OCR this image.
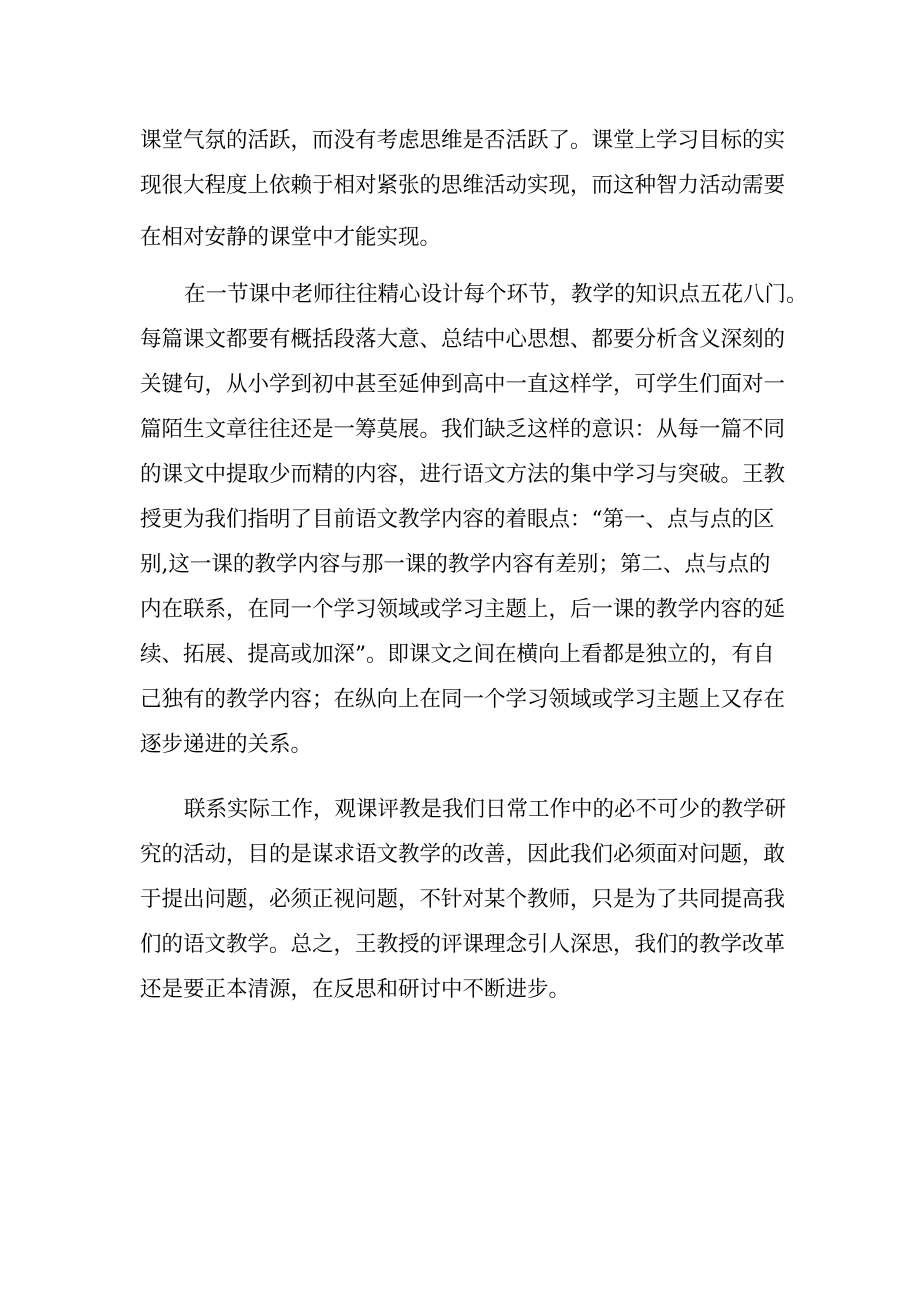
课堂气氛的活跃，而没有考虑思维是否活跃了。课堂上学习目标的实
现很大程度上依赖于相对紧张的思维活动实现，而这种智力活动需要
在相对安静的课堂中才能实现。
在一节课中老师往往精心设计每个环节，教学的知识点五花八门。
每篇课文都要有概括段落大意、总结中心思想、都要分析含义深刻的
关键句，从小学到初中甚至延伸到高中一直这样学，可学生们面对一
篇陌生文章往往还是一筹莫展。我们缺乏这样的意识：从每一篇不同
的课文中提取少而精的内容，进行语文方法的集中学习与突破。王教
授更为我们指明了目前语文教学内容的着眼点：“第一、点与点的区
别,这一课的教学内容与那一课的教学内容有差别；第二、点与点的
内在联系，在同一个学习领域或学习主题上，后一课的教学内容的延
续、拓展、提高或加深”。即课文之间在横向上看都是独立的，有自
己独有的教学内容；在纵向上在同一个学习领域或学习主题上又存在
逐步递进的关系。
联系实际工作，观课评教是我们日常工作中的必不可少的教学研
究的活动，目的是谋求语文教学的改善，因此我们必须面对问题，敢
于提出问题，必须正视问题，不针对某个教师，只是为了共同提高我
们的语文教学。总之，王教授的评课理念引人深思，我们的教学改革
还是要正本清源，在反思和研讨中不断进步。
